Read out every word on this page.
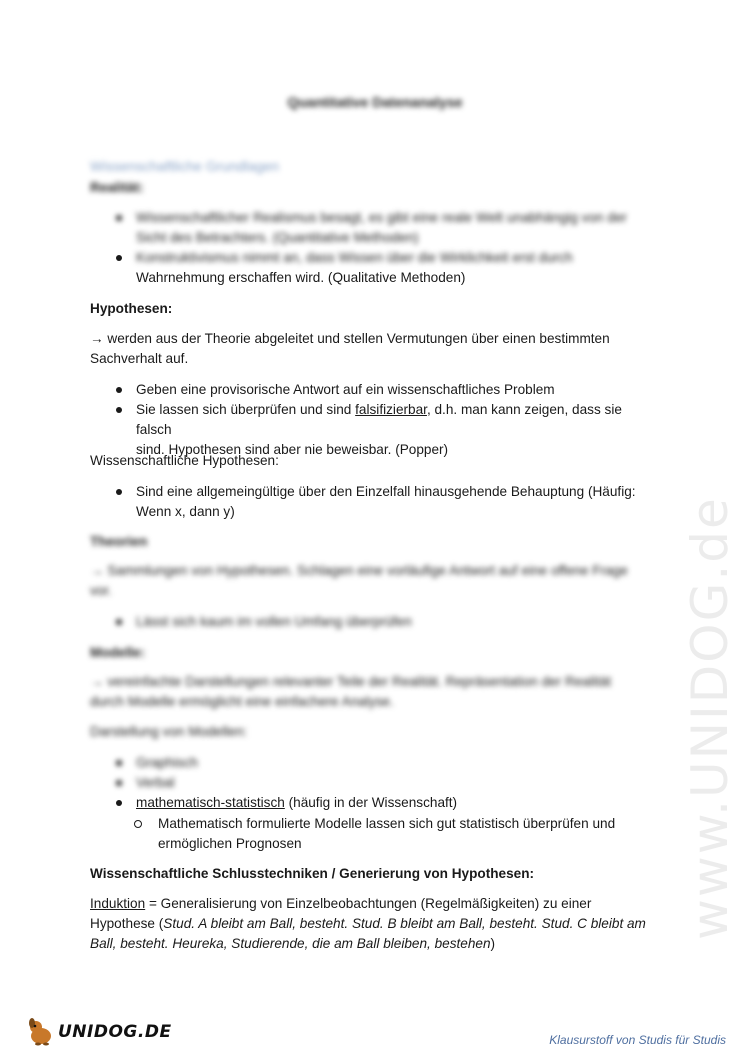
www.UNIDOG.de
Quantitative Datenanalyse
Wissenschaftliche Grundlagen
Realität:
Wissenschaftlicher Realismus besagt, es gibt eine reale Welt unabhängig von der Sicht des Betrachters. (Quantitative Methoden)
Konstruktivismus nimmt an, dass Wissen über die Wirklichkeit erst durch
Wahrnehmung erschaffen wird. (Qualitative Methoden)
Hypothesen:
→ werden aus der Theorie abgeleitet und stellen Vermutungen über einen bestimmten
Sachverhalt auf.
Geben eine provisorische Antwort auf ein wissenschaftliches Problem
Sie lassen sich überprüfen und sind falsifizierbar, d.h. man kann zeigen, dass sie falsch
sind. Hypothesen sind aber nie beweisbar. (Popper)
Wissenschaftliche Hypothesen:
Sind eine allgemeingültige über den Einzelfall hinausgehende Behauptung (Häufig:
Wenn x, dann y)
Theorien
→ Sammlungen von Hypothesen. Schlagen eine vorläufige Antwort auf eine offene Frage
vor.
Lässt sich kaum im vollen Umfang überprüfen
Modelle:
→ vereinfachte Darstellungen relevanter Teile der Realität. Repräsentation der Realität
durch Modelle ermöglicht eine einfachere Analyse.
Darstellung von Modellen:
Graphisch
Verbal
mathematisch-statistisch (häufig in der Wissenschaft)
Mathematisch formulierte Modelle lassen sich gut statistisch überprüfen und
ermöglichen Prognosen
Wissenschaftliche Schlusstechniken / Generierung von Hypothesen:
Induktion = Generalisierung von Einzelbeobachtungen (Regelmäßigkeiten) zu einer
Hypothese (Stud. A bleibt am Ball, besteht. Stud. B bleibt am Ball, besteht. Stud. C bleibt am
Ball, besteht. Heureka, Studierende, die am Ball bleiben, bestehen)
UNIDOG.DE	Klausurstoff von Studis für Studis
